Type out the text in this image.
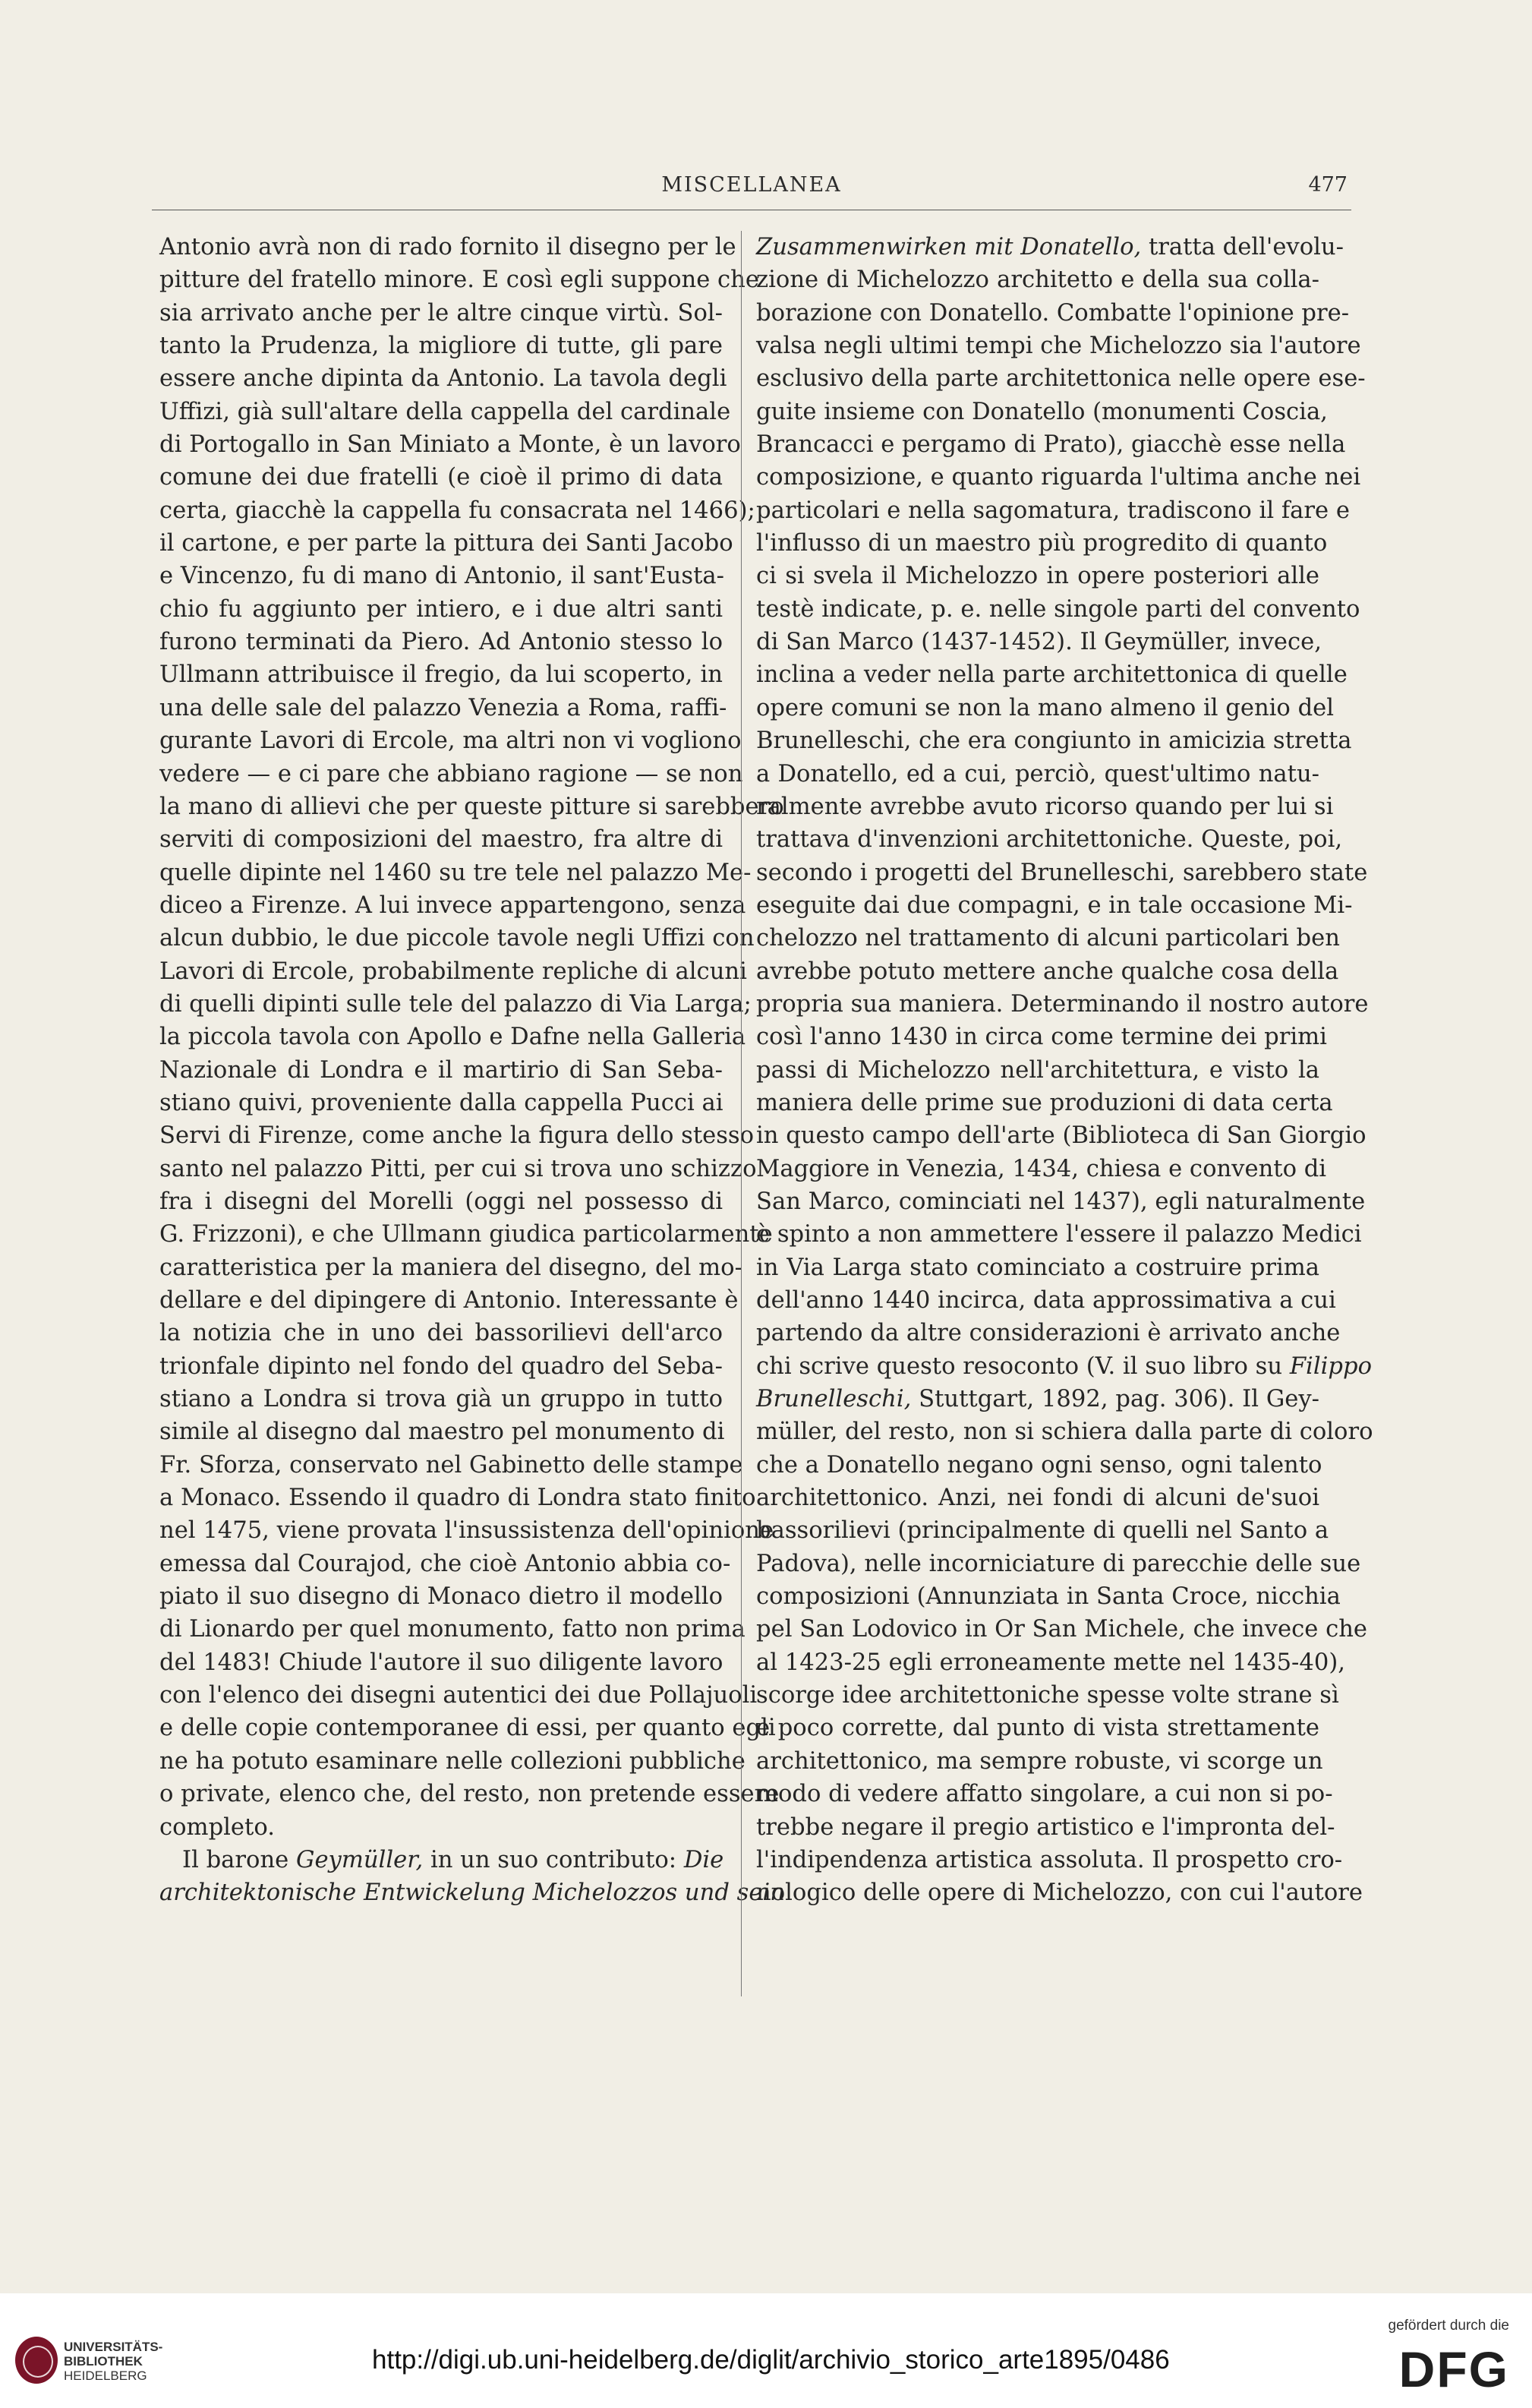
MISCELLANEA	477
Antonio avrà non di rado fornito il disegno per le
pitture del fratello minore. E così egli suppone che
sia arrivato anche per le altre cinque virtù. Sol-
tanto la Prudenza, la migliore di tutte, gli pare
essere anche dipinta da Antonio. La tavola degli
Uffizi, già sull'altare della cappella del cardinale
di Portogallo in San Miniato a Monte, è un lavoro
comune dei due fratelli (e cioè il primo di data
certa, giacchè la cappella fu consacrata nel 1466);
il cartone, e per parte la pittura dei Santi Jacobo
e Vincenzo, fu di mano di Antonio, il sant'Eusta-
chio fu aggiunto per intiero, e i due altri santi
furono terminati da Piero. Ad Antonio stesso lo
Ullmann attribuisce il fregio, da lui scoperto, in
una delle sale del palazzo Venezia a Roma, raffi-
gurante Lavori di Ercole, ma altri non vi vogliono
vedere — e ci pare che abbiano ragione — se non
la mano di allievi che per queste pitture si sarebbero
serviti di composizioni del maestro, fra altre di
quelle dipinte nel 1460 su tre tele nel palazzo Me-
diceo a Firenze. A lui invece appartengono, senza
alcun dubbio, le due piccole tavole negli Uffizi con
Lavori di Ercole, probabilmente repliche di alcuni
di quelli dipinti sulle tele del palazzo di Via Larga;
la piccola tavola con Apollo e Dafne nella Galleria
Nazionale di Londra e il martirio di San Seba-
stiano quivi, proveniente dalla cappella Pucci ai
Servi di Firenze, come anche la figura dello stesso
santo nel palazzo Pitti, per cui si trova uno schizzo
fra i disegni del Morelli (oggi nel possesso di
G. Frizzoni), e che Ullmann giudica particolarmente
caratteristica per la maniera del disegno, del mo-
dellare e del dipingere di Antonio. Interessante è
la notizia che in uno dei bassorilievi dell'arco
trionfale dipinto nel fondo del quadro del Seba-
stiano a Londra si trova già un gruppo in tutto
simile al disegno dal maestro pel monumento di
Fr. Sforza, conservato nel Gabinetto delle stampe
a Monaco. Essendo il quadro di Londra stato finito
nel 1475, viene provata l'insussistenza dell'opinione
emessa dal Courajod, che cioè Antonio abbia co-
piato il suo disegno di Monaco dietro il modello
di Lionardo per quel monumento, fatto non prima
del 1483! Chiude l'autore il suo diligente lavoro
con l'elenco dei disegni autentici dei due Pollajuoli
e delle copie contemporanee di essi, per quanto egli
ne ha potuto esaminare nelle collezioni pubbliche
o private, elenco che, del resto, non pretende essere
completo.
Il barone Geymüller, in un suo contributo: Die
architektonische Entwickelung Michelozzos und sein
Zusammenwirken mit Donatello, tratta dell'evolu-
zione di Michelozzo architetto e della sua colla-
borazione con Donatello. Combatte l'opinione pre-
valsa negli ultimi tempi che Michelozzo sia l'autore
esclusivo della parte architettonica nelle opere ese-
guite insieme con Donatello (monumenti Coscia,
Brancacci e pergamo di Prato), giacchè esse nella
composizione, e quanto riguarda l'ultima anche nei
particolari e nella sagomatura, tradiscono il fare e
l'influsso di un maestro più progredito di quanto
ci si svela il Michelozzo in opere posteriori alle
testè indicate, p. e. nelle singole parti del convento
di San Marco (1437-1452). Il Geymüller, invece,
inclina a veder nella parte architettonica di quelle
opere comuni se non la mano almeno il genio del
Brunelleschi, che era congiunto in amicizia stretta
a Donatello, ed a cui, perciò, quest'ultimo natu-
ralmente avrebbe avuto ricorso quando per lui si
trattava d'invenzioni architettoniche. Queste, poi,
secondo i progetti del Brunelleschi, sarebbero state
eseguite dai due compagni, e in tale occasione Mi-
chelozzo nel trattamento di alcuni particolari ben
avrebbe potuto mettere anche qualche cosa della
propria sua maniera. Determinando il nostro autore
così l'anno 1430 in circa come termine dei primi
passi di Michelozzo nell'architettura, e visto la
maniera delle prime sue produzioni di data certa
in questo campo dell'arte (Biblioteca di San Giorgio
Maggiore in Venezia, 1434, chiesa e convento di
San Marco, cominciati nel 1437), egli naturalmente
è spinto a non ammettere l'essere il palazzo Medici
in Via Larga stato cominciato a costruire prima
dell'anno 1440 incirca, data approssimativa a cui
partendo da altre considerazioni è arrivato anche
chi scrive questo resoconto (V. il suo libro su Filippo
Brunelleschi, Stuttgart, 1892, pag. 306). Il Gey-
müller, del resto, non si schiera dalla parte di coloro
che a Donatello negano ogni senso, ogni talento
architettonico. Anzi, nei fondi di alcuni de'suoi
bassorilievi (principalmente di quelli nel Santo a
Padova), nelle incorniciature di parecchie delle sue
composizioni (Annunziata in Santa Croce, nicchia
pel San Lodovico in Or San Michele, che invece che
al 1423-25 egli erroneamente mette nel 1435-40),
scorge idee architettoniche spesse volte strane sì
e poco corrette, dal punto di vista strettamente
architettonico, ma sempre robuste, vi scorge un
modo di vedere affatto singolare, a cui non si po-
trebbe negare il pregio artistico e l'impronta del-
l'indipendenza artistica assoluta. Il prospetto cro-
nologico delle opere di Michelozzo, con cui l'autore
UNIVERSITÄTS-
BIBLIOTHEK
HEIDELBERG
http://digi.ub.uni-heidelberg.de/diglit/archivio_storico_arte1895/0486
gefördert durch die
DFG
